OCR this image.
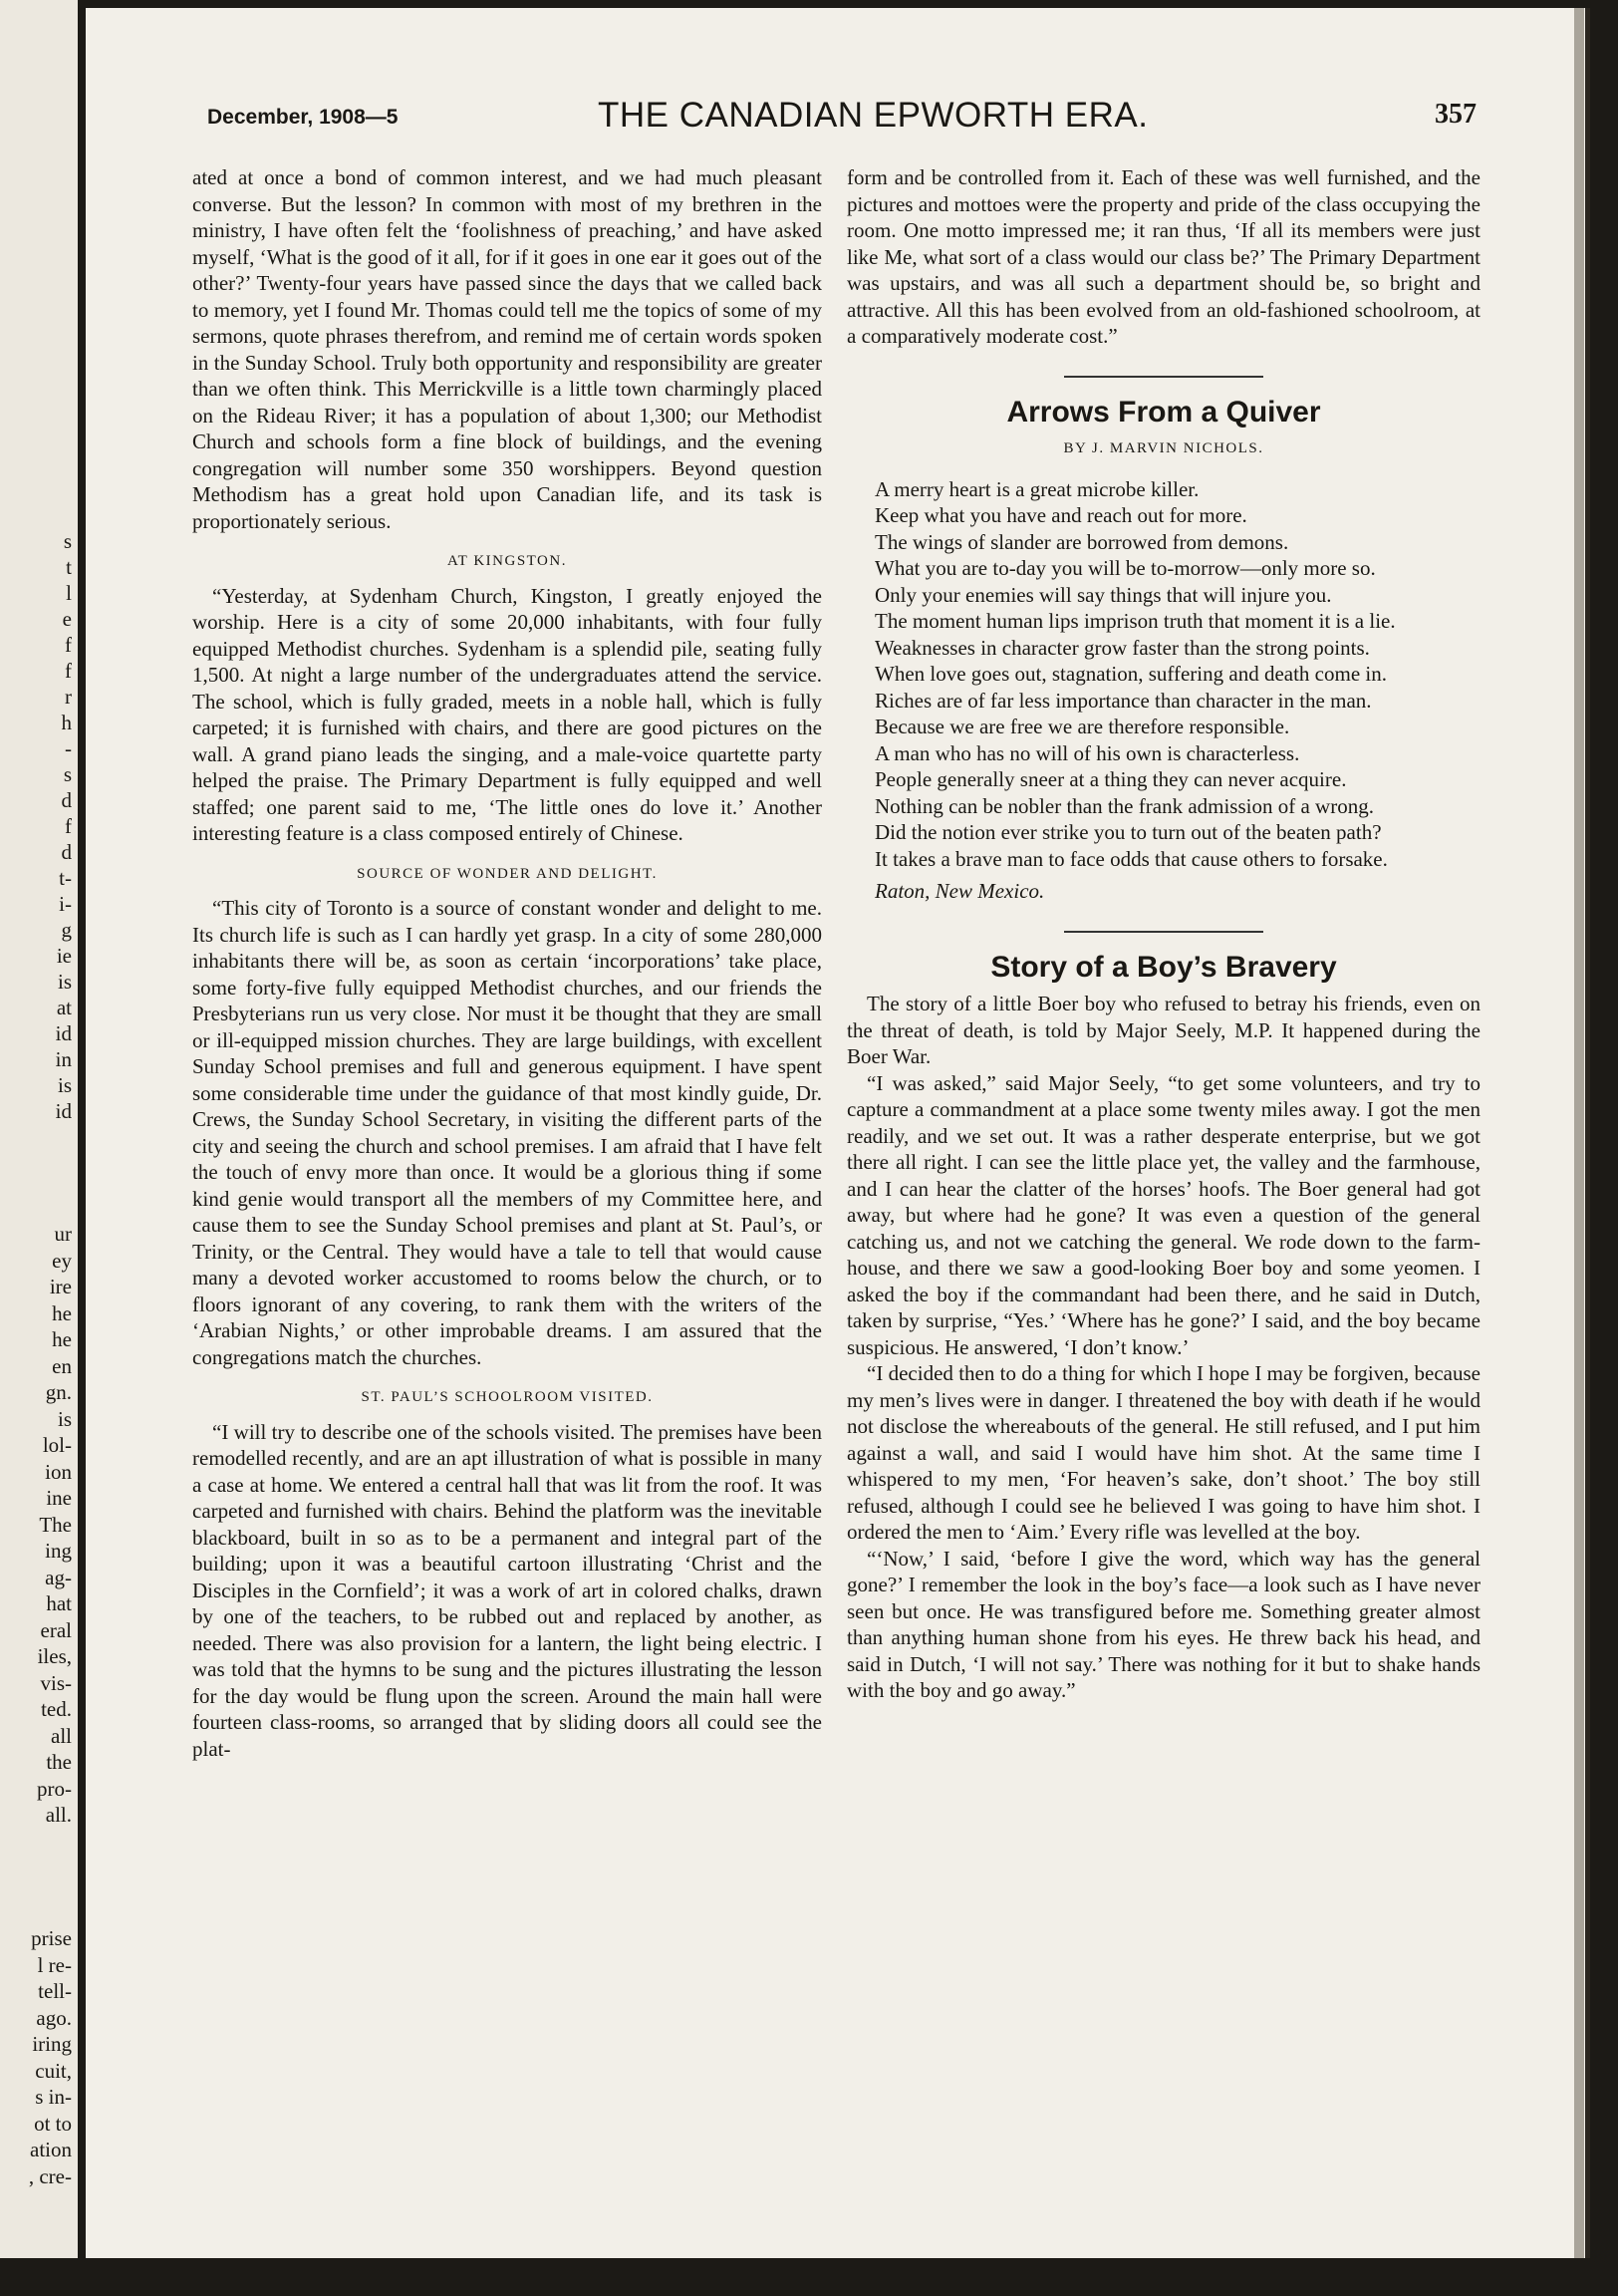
s
t
l
e
f
f
r
h
-
s
d
f
d
t-
i-
g
ie
is
at
id
in
is
id
ur
ey
ire
he
he
en
gn.
is
lol-
ion
ine
The
ing
ag-
hat
eral
iles,
vis-
ted.
all
the
pro-
all.
prise
l re-
tell-
ago.
iring
cuit,
s in-
ot to
ation
, cre-
December, 1908—5	THE CANADIAN EPWORTH ERA.	357

ated at once a bond of common interest, and we had much pleasant converse. But the lesson? In common with most of my brethren in the ministry, I have often felt the ‘foolishness of preaching,’ and have asked myself, ‘What is the good of it all, for if it goes in one ear it goes out of the other?’ Twenty-four years have passed since the days that we called back to memory, yet I found Mr. Thomas could tell me the topics of some of my sermons, quote phrases therefrom, and remind me of certain words spoken in the Sunday School. Truly both opportunity and responsibility are greater than we often think. This Merrickville is a little town charmingly placed on the Rideau River; it has a population of about 1,300; our Methodist Church and schools form a fine block of buildings, and the evening congregation will number some 350 worshippers. Beyond question Methodism has a great hold upon Canadian life, and its task is proportionately serious.

AT KINGSTON.

“Yesterday, at Sydenham Church, Kingston, I greatly enjoyed the worship. Here is a city of some 20,000 inhabitants, with four fully equipped Methodist churches. Sydenham is a splendid pile, seating fully 1,500. At night a large number of the undergraduates attend the service. The school, which is fully graded, meets in a noble hall, which is fully carpeted; it is furnished with chairs, and there are good pictures on the wall. A grand piano leads the singing, and a male-voice quartette party helped the praise. The Primary Department is fully equipped and well staffed; one parent said to me, ‘The little ones do love it.’ Another interesting feature is a class composed entirely of Chinese.

SOURCE OF WONDER AND DELIGHT.

“This city of Toronto is a source of constant wonder and delight to me. Its church life is such as I can hardly yet grasp. In a city of some 280,000 inhabitants there will be, as soon as certain ‘incorporations’ take place, some forty-five fully equipped Methodist churches, and our friends the Presbyterians run us very close. Nor must it be thought that they are small or ill-equipped mission churches. They are large buildings, with excellent Sunday School premises and full and generous equipment. I have spent some considerable time under the guidance of that most kindly guide, Dr. Crews, the Sunday School Secretary, in visiting the different parts of the city and seeing the church and school premises. I am afraid that I have felt the touch of envy more than once. It would be a glorious thing if some kind genie would transport all the members of my Committee here, and cause them to see the Sunday School premises and plant at St. Paul’s, or Trinity, or the Central. They would have a tale to tell that would cause many a devoted worker accustomed to rooms below the church, or to floors ignorant of any covering, to rank them with the writers of the ‘Arabian Nights,’ or other improbable dreams. I am assured that the congregations match the churches.

ST. PAUL’S SCHOOLROOM VISITED.

“I will try to describe one of the schools visited. The premises have been remodelled recently, and are an apt illustration of what is possible in many a case at home. We entered a central hall that was lit from the roof. It was carpeted and furnished with chairs. Behind the platform was the inevitable blackboard, built in so as to be a permanent and integral part of the building; upon it was a beautiful cartoon illustrating ‘Christ and the Disciples in the Cornfield’; it was a work of art in colored chalks, drawn by one of the teachers, to be rubbed out and replaced by another, as needed. There was also provision for a lantern, the light being electric. I was told that the hymns to be sung and the pictures illustrating the lesson for the day would be flung upon the screen. Around the main hall were fourteen class-rooms, so arranged that by sliding doors all could see the plat-

form and be controlled from it. Each of these was well furnished, and the pictures and mottoes were the property and pride of the class occupying the room. One motto impressed me; it ran thus, ‘If all its members were just like Me, what sort of a class would our class be?’ The Primary Department was upstairs, and was all such a department should be, so bright and attractive. All this has been evolved from an old-fashioned schoolroom, at a comparatively moderate cost.”

Arrows From a Quiver
BY J. MARVIN NICHOLS.

A merry heart is a great microbe killer.

Keep what you have and reach out for more.

The wings of slander are borrowed from demons.

What you are to-day you will be to-morrow—only more so.

Only your enemies will say things that will injure you.

The moment human lips imprison truth that moment it is a lie.

Weaknesses in character grow faster than the strong points.

When love goes out, stagnation, suffering and death come in.

Riches are of far less importance than character in the man.

Because we are free we are therefore responsible.

A man who has no will of his own is characterless.

People generally sneer at a thing they can never acquire.

Nothing can be nobler than the frank admission of a wrong.

Did the notion ever strike you to turn out of the beaten path?

It takes a brave man to face odds that cause others to forsake.

Raton, New Mexico.
Story of a Boy’s Bravery

The story of a little Boer boy who refused to betray his friends, even on the threat of death, is told by Major Seely, M.P. It happened during the Boer War.

“I was asked,” said Major Seely, “to get some volunteers, and try to capture a commandment at a place some twenty miles away. I got the men readily, and we set out. It was a rather desperate enterprise, but we got there all right. I can see the little place yet, the valley and the farmhouse, and I can hear the clatter of the horses’ hoofs. The Boer general had got away, but where had he gone? It was even a question of the general catching us, and not we catching the general. We rode down to the farm-house, and there we saw a good-looking Boer boy and some yeomen. I asked the boy if the commandant had been there, and he said in Dutch, taken by surprise, “Yes.’ ‘Where has he gone?’ I said, and the boy became suspicious. He answered, ‘I don’t know.’

“I decided then to do a thing for which I hope I may be forgiven, because my men’s lives were in danger. I threatened the boy with death if he would not disclose the whereabouts of the general. He still refused, and I put him against a wall, and said I would have him shot. At the same time I whispered to my men, ‘For heaven’s sake, don’t shoot.’ The boy still refused, although I could see he believed I was going to have him shot. I ordered the men to ‘Aim.’ Every rifle was levelled at the boy.

“‘Now,’ I said, ‘before I give the word, which way has the general gone?’ I remember the look in the boy’s face—a look such as I have never seen but once. He was transfigured before me. Something greater almost than anything human shone from his eyes. He threw back his head, and said in Dutch, ‘I will not say.’ There was nothing for it but to shake hands with the boy and go away.”
